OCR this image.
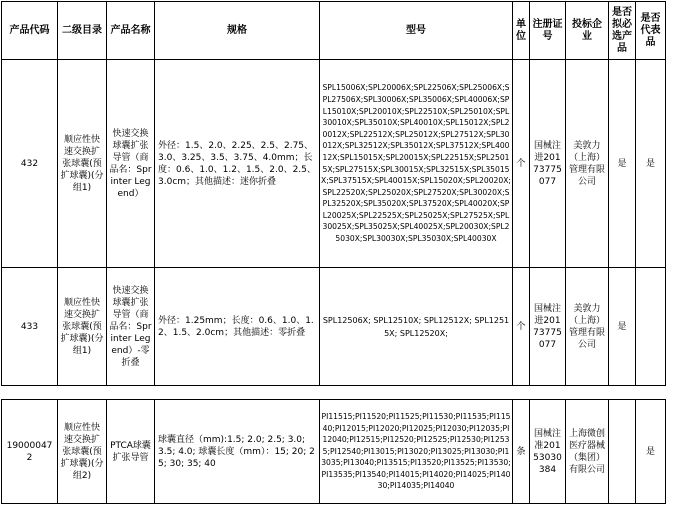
产品代码	二级目录	产品名称	规格	型号	单位	注册证号	投标企业	是否拟必选产品	是否代表品
432	顺应性快速交换扩张球囊(预扩球囊)(分组1)	快速交换球囊扩张导管（商品名：Sprinter Legend）	外径：1.5、2.0、2.25、2.5、2.75、3.0、3.25、3.5、3.75、4.0mm；长度：0.6、1.0、1.2、1.5、2.0、2.5、3.0cm；其他描述：迷你折叠	SPL15006X;SPL20006X;SPL22506X;SPL25006X;SPL27506X;SPL30006X;SPL35006X;SPL40006X;SPL15010X;SPL20010X;SPL22510X;SPL25010X;SPL30010X;SPL35010X;SPL40010X;SPL15012X;SPL20012X;SPL22512X;SPL25012X;SPL27512X;SPL30012X;SPL32512X;SPL35012X;SPL37512X;SPL40012X;SPL15015X;SPL20015X;SPL22515X;SPL25015X;SPL27515X;SPL30015X;SPL32515X;SPL35015X;SPL37515X;SPL40015X;SPL15020X;SPL20020X;SPL22520X;SPL25020X;SPL27520X;SPL30020X;SPL32520X;SPL35020X;SPL37520X;SPL40020X;SPL20025X;SPL22525X;SPL25025X;SPL27525X;SPL30025X;SPL35025X;SPL40025X;SPL20030X;SPL25030X;SPL30030X;SPL35030X;SPL40030X	个	国械注进20173775077	美敦力（上海）管理有限公司	是	是
433	顺应性快速交换扩张球囊(预扩球囊)(分组1)	快速交换球囊扩张导管（商品名：Sprinter Legend）-零折叠	外径：1.25mm；长度：0.6、1.0、1.2、1.5、2.0cm；其他描述：零折叠	SPL12506X; SPL12510X; SPL12512X; SPL12515X; SPL12520X;	个	国械注进20173775077	美敦力（上海）管理有限公司	是	
190000472	顺应性快速交换扩张球囊(预扩球囊)(分组2)	PTCA球囊扩张导管	球囊直径（mm):1.5; 2.0; 2.5; 3.0; 3.5; 4.0; 球囊长度（mm）：15; 20; 25; 30; 35; 40	PI11515;PI11520;PI11525;PI11530;PI11535;PI11540;PI12015;PI12020;PI12025;PI12030;PI12035;PI12040;PI12515;PI12520;PI12525;PI12530;PI12535;PI12540;PI13015;PI13020;PI13025;PI13030;PI13035;PI13040;PI13515;PI13520;PI13525;PI13530;PI13535;PI13540;PI14015;PI14020;PI14025;PI14030;PI14035;PI14040	条	国械注准20153030384	上海微创医疗器械（集团）有限公司		是
